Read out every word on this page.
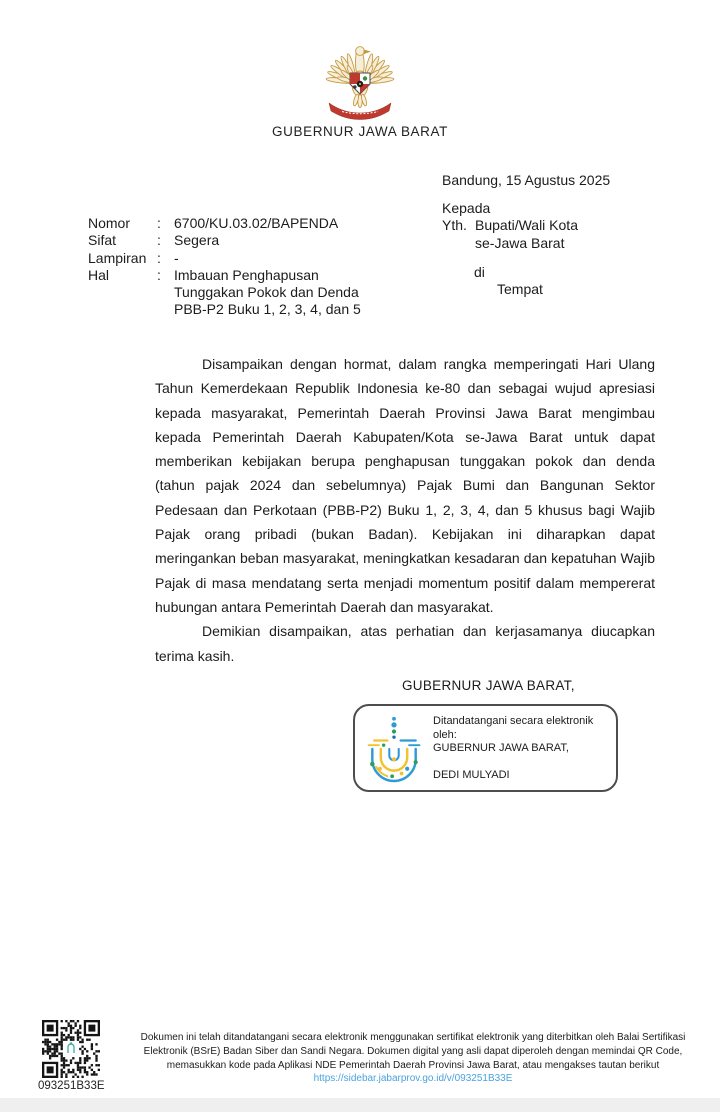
GUBERNUR JAWA BARAT
Bandung, 15 Agustus 2025
Kepada
Yth. Bupati/Wali Kota
se-Jawa Barat
di
Tempat
Nomor	: 6700/KU.03.02/BAPENDA
Sifat	: Segera
Lampiran : -
Hal	: Imbauan Penghapusan Tunggakan Pokok dan Denda PBB-P2 Buku 1, 2, 3, 4, dan 5

Disampaikan dengan hormat, dalam rangka memperingati Hari Ulang Tahun Kemerdekaan Republik Indonesia ke-80 dan sebagai wujud apresiasi kepada masyarakat, Pemerintah Daerah Provinsi Jawa Barat mengimbau kepada Pemerintah Daerah Kabupaten/Kota se-Jawa Barat untuk dapat memberikan kebijakan berupa penghapusan tunggakan pokok dan denda (tahun pajak 2024 dan sebelumnya) Pajak Bumi dan Bangunan Sektor Pedesaan dan Perkotaan (PBB-P2) Buku 1, 2, 3, 4, dan 5 khusus bagi Wajib Pajak orang pribadi (bukan Badan). Kebijakan ini diharapkan dapat meringankan beban masyarakat, meningkatkan kesadaran dan kepatuhan Wajib Pajak di masa mendatang serta menjadi momentum positif dalam mempererat hubungan antara Pemerintah Daerah dan masyarakat.

Demikian disampaikan, atas perhatian dan kerjasamanya diucapkan terima kasih.

GUBERNUR JAWA BARAT,
Ditandatangani secara elektronik oleh:
GUBERNUR JAWA BARAT,
DEDI MULYADI
093251B33E
Dokumen ini telah ditandatangani secara elektronik menggunakan sertifikat elektronik yang diterbitkan oleh Balai Sertifikasi Elektronik (BSrE) Badan Siber dan Sandi Negara. Dokumen digital yang asli dapat diperoleh dengan memindai QR Code, memasukkan kode pada Aplikasi NDE Pemerintah Daerah Provinsi Jawa Barat, atau mengakses tautan berikut
https://sidebar.jabarprov.go.id/v/093251B33E
